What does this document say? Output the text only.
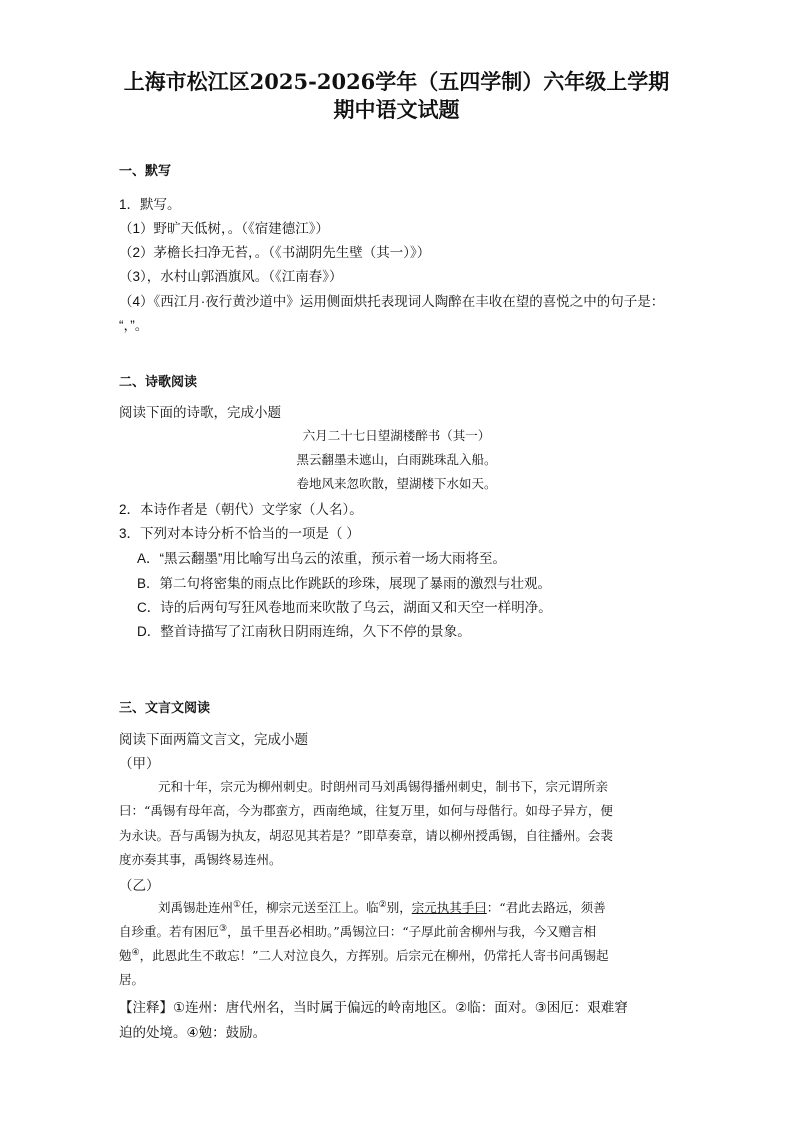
上海市松江区2025-2026学年（五四学制）六年级上学期
期中语文试题
一、默写
1．默写。
（1）野旷天低树，。（《宿建德江》）
（2）茅檐长扫净无苔，。（《书湖阴先生壁（其一）》）
（3），水村山郭酒旗风。（《江南春》）
（4）《西江月·夜行黄沙道中》运用侧面烘托表现词人陶醉在丰收在望的喜悦之中的句子是：
“，”。
二、诗歌阅读
阅读下面的诗歌，完成小题
六月二十七日望湖楼醉书（其一）
黑云翻墨未遮山，白雨跳珠乱入船。
卷地风来忽吹散，望湖楼下水如天。
2．本诗作者是（朝代）文学家（人名）。
3．下列对本诗分析不恰当的一项是（ ）
A．“黑云翻墨”用比喻写出乌云的浓重，预示着一场大雨将至。
B．第二句将密集的雨点比作跳跃的珍珠，展现了暴雨的激烈与壮观。
C．诗的后两句写狂风卷地而来吹散了乌云，湖面又和天空一样明净。
D．整首诗描写了江南秋日阴雨连绵，久下不停的景象。
三、文言文阅读
阅读下面两篇文言文，完成小题
（甲）
元和十年，宗元为柳州刺史。时朗州司马刘禹锡得播州刺史，制书下，宗元谓所亲
曰：“禹锡有母年高，今为郡蛮方，西南绝域，往复万里，如何与母偕行。如母子异方，便
为永诀。吾与禹锡为执友，胡忍见其若是？”即草奏章，请以柳州授禹锡，自往播州。会裴
度亦奏其事，禹锡终易连州。
（乙）
刘禹锡赴连州①任，柳宗元送至江上。临②别，宗元执其手曰：“君此去路远，须善
自珍重。若有困厄③，虽千里吾必相助。”禹锡泣曰：“子厚此前舍柳州与我，今又赠言相
勉④，此恩此生不敢忘！”二人对泣良久，方挥别。后宗元在柳州，仍常托人寄书问禹锡起
居。
【注释】①连州：唐代州名，当时属于偏远的岭南地区。②临：面对。③困厄：艰难窘
迫的处境。④勉：鼓励。
